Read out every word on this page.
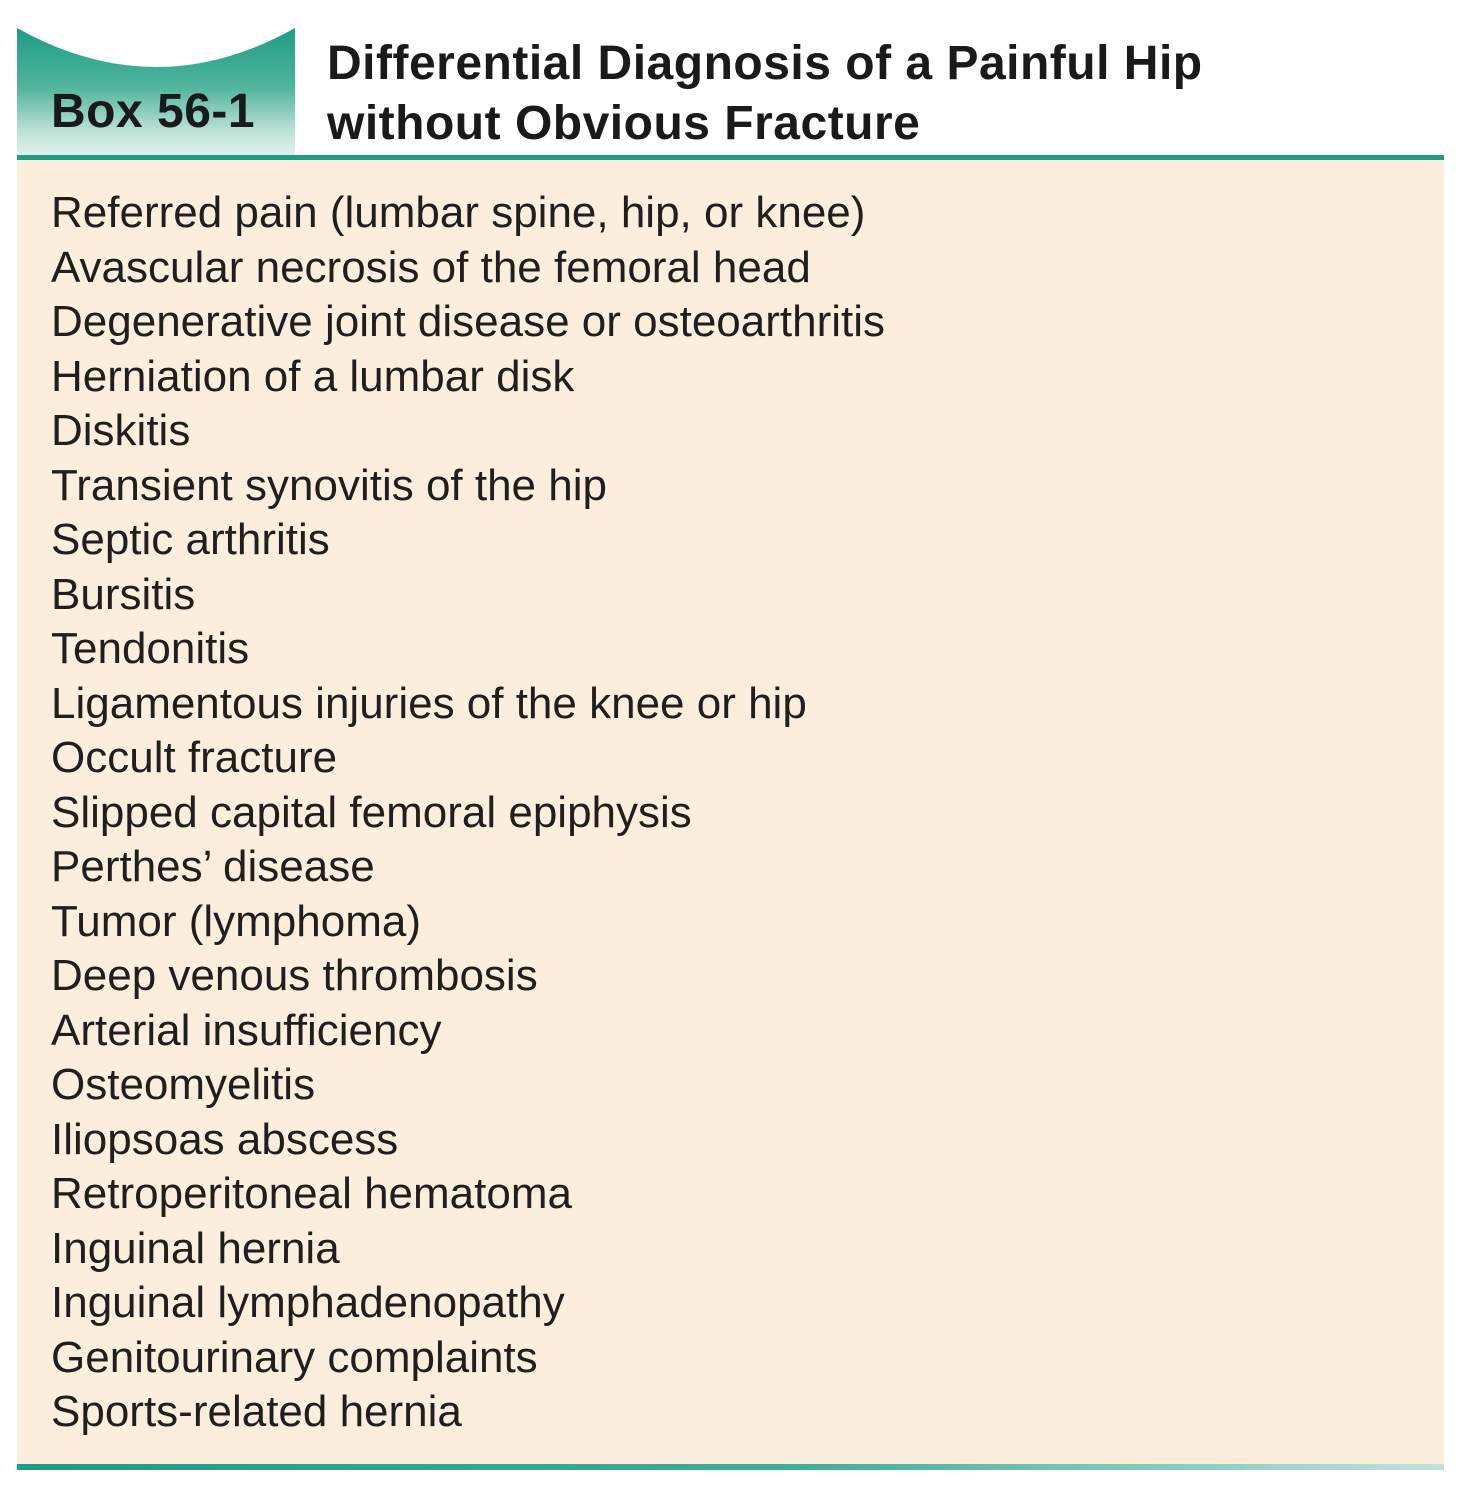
Box 56-1
Differential Diagnosis of a Painful Hip
without Obvious Fracture
Referred pain (lumbar spine, hip, or knee)
Avascular necrosis of the femoral head
Degenerative joint disease or osteoarthritis
Herniation of a lumbar disk
Diskitis
Transient synovitis of the hip
Septic arthritis
Bursitis
Tendonitis
Ligamentous injuries of the knee or hip
Occult fracture
Slipped capital femoral epiphysis
Perthes’ disease
Tumor (lymphoma)
Deep venous thrombosis
Arterial insufficiency
Osteomyelitis
Iliopsoas abscess
Retroperitoneal hematoma
Inguinal hernia
Inguinal lymphadenopathy
Genitourinary complaints
Sports-related hernia
